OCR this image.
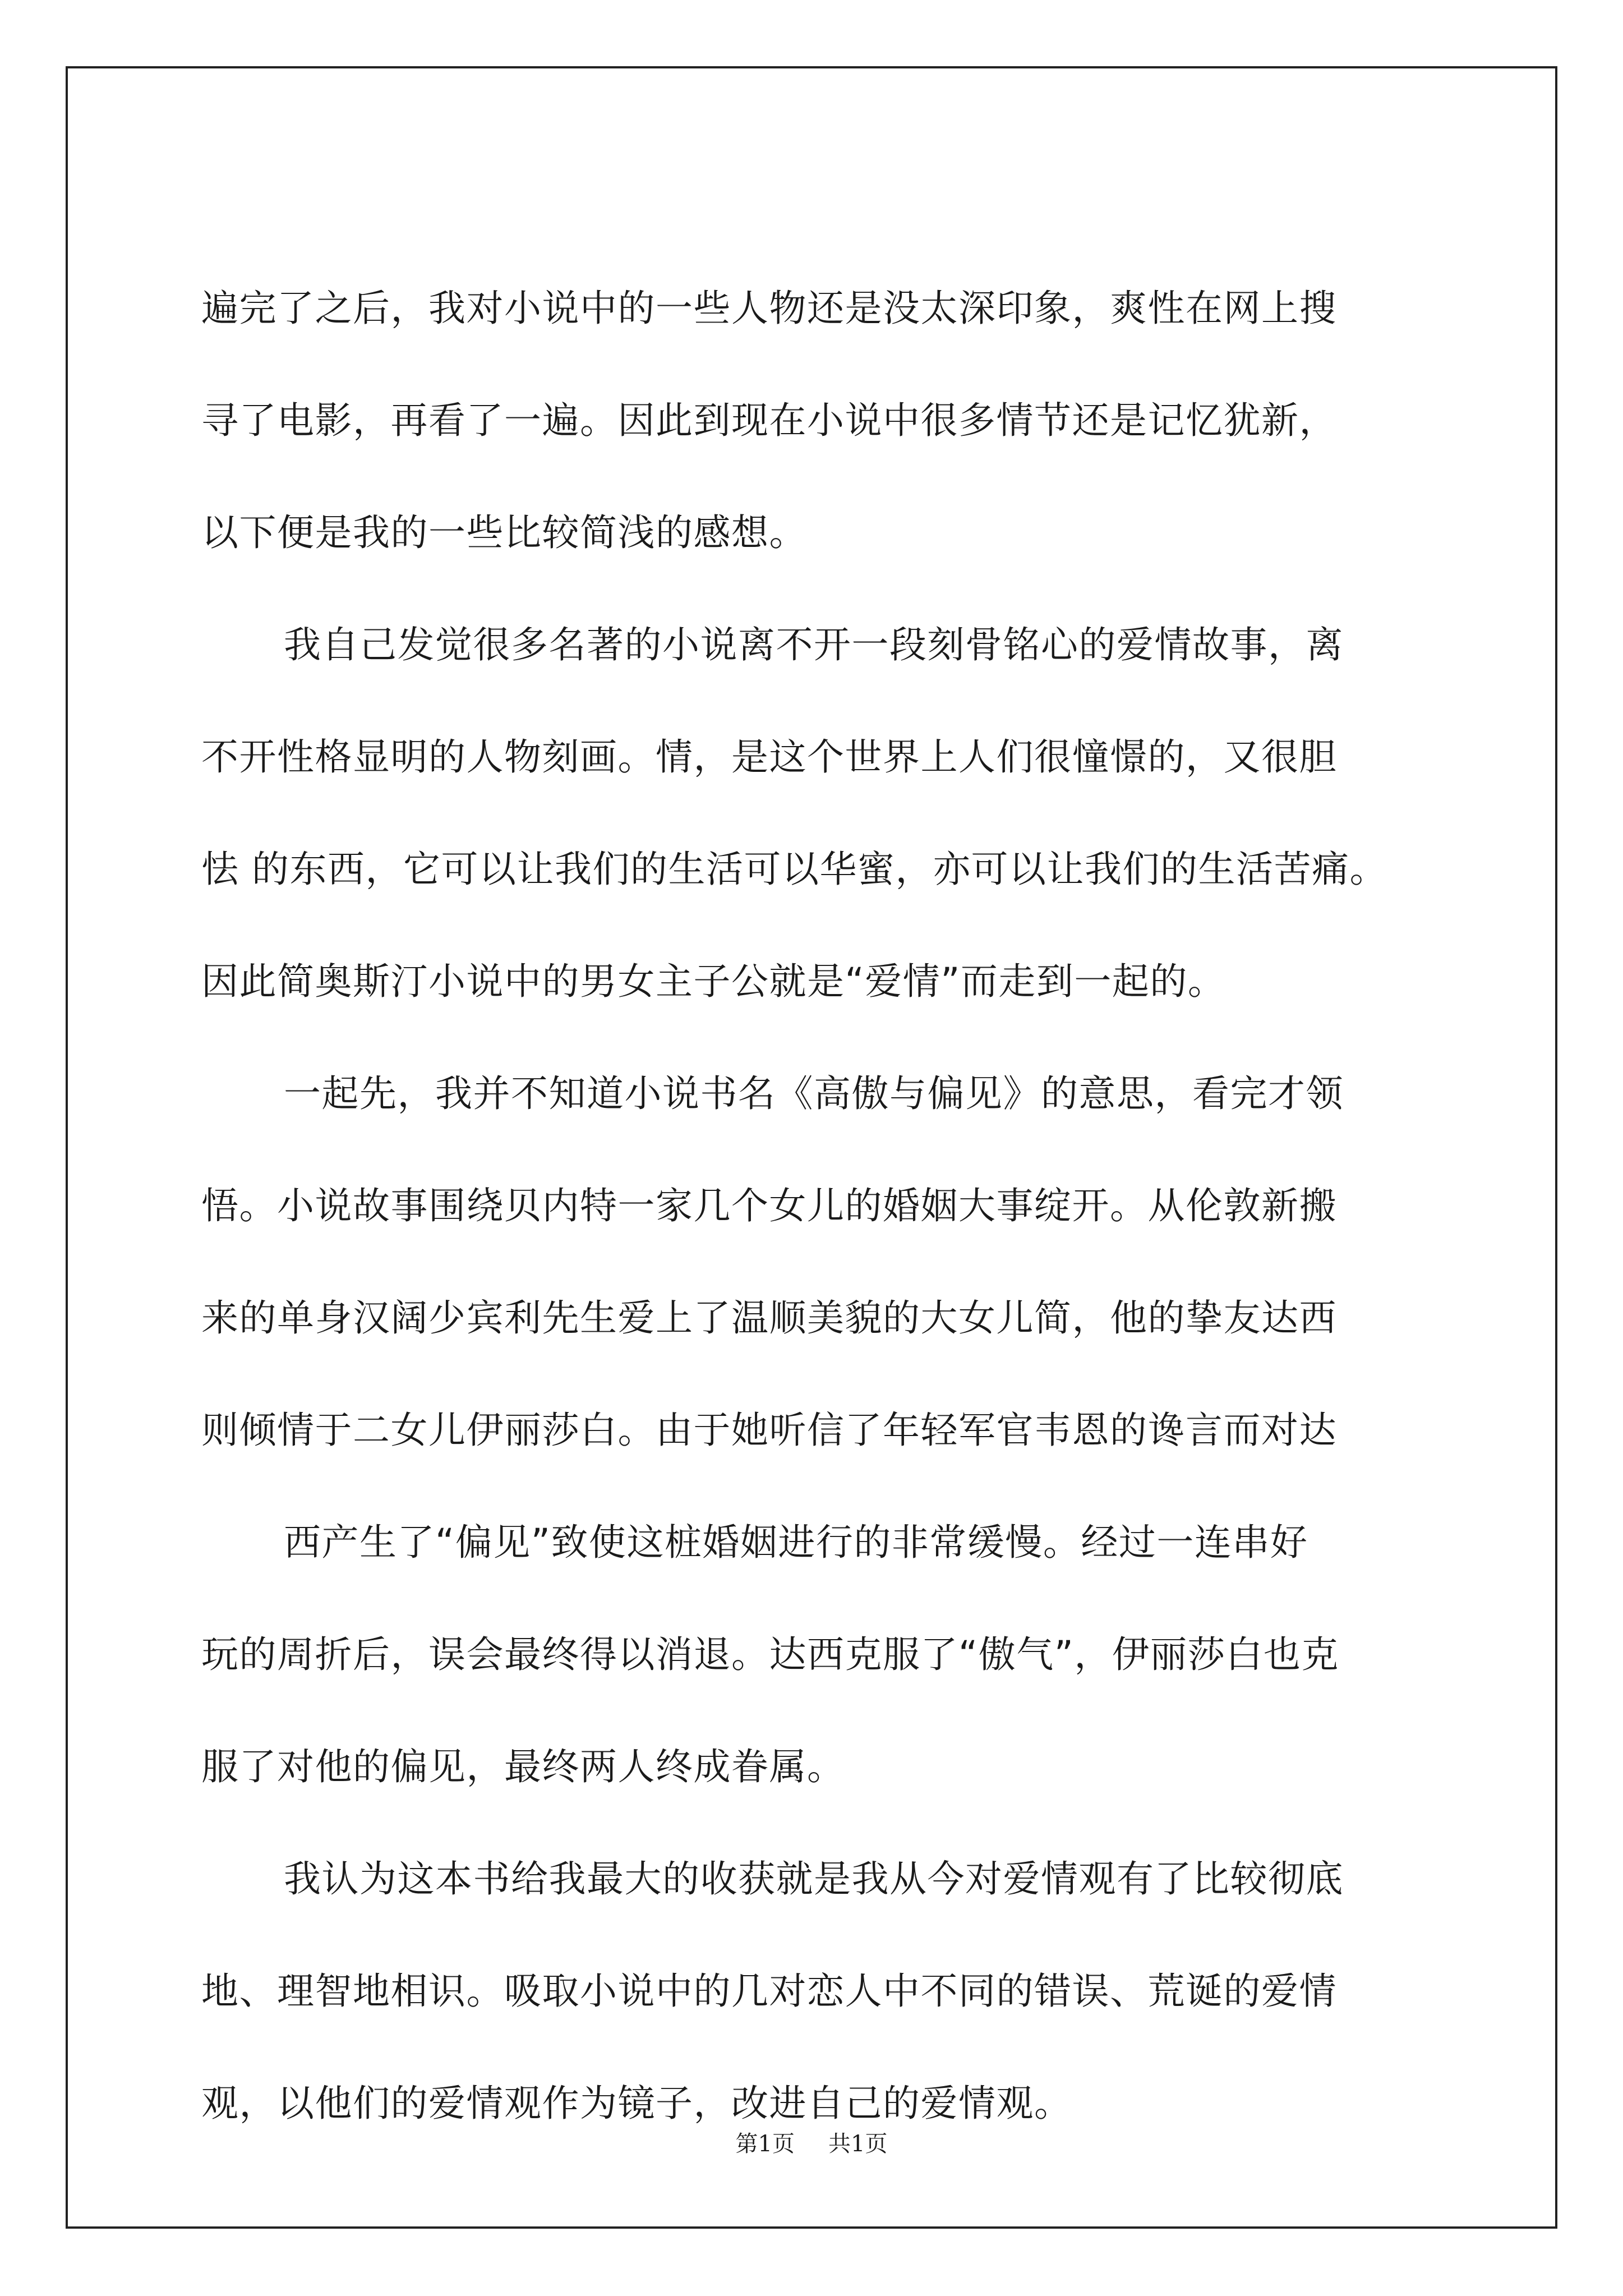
遍完了之后，我对小说中的一些人物还是没太深印象，爽性在网上搜
寻了电影，再看了一遍。因此到现在小说中很多情节还是记忆犹新，
以下便是我的一些比较简浅的感想。
我自己发觉很多名著的小说离不开一段刻骨铭心的爱情故事，离
不开性格显明的人物刻画。情，是这个世界上人们很憧憬的，又很胆
怯 的东西，它可以让我们的生活可以华蜜，亦可以让我们的生活苦痛。
因此简奥斯汀小说中的男女主子公就是“爱情”而走到一起的。
一起先，我并不知道小说书名《高傲与偏见》的意思，看完才领
悟。小说故事围绕贝内特一家几个女儿的婚姻大事绽开。从伦敦新搬
来的单身汉阔少宾利先生爱上了温顺美貌的大女儿简，他的挚友达西
则倾情于二女儿伊丽莎白。由于她听信了年轻军官韦恩的谗言而对达
西产生了“偏见”致使这桩婚姻进行的非常缓慢。经过一连串好
玩的周折后，误会最终得以消退。达西克服了“傲气”，伊丽莎白也克
服了对他的偏见，最终两人终成眷属。
我认为这本书给我最大的收获就是我从今对爱情观有了比较彻底
地、理智地相识。吸取小说中的几对恋人中不同的错误、荒诞的爱情
观，以他们的爱情观作为镜子，改进自己的爱情观。
第1页 共1页
